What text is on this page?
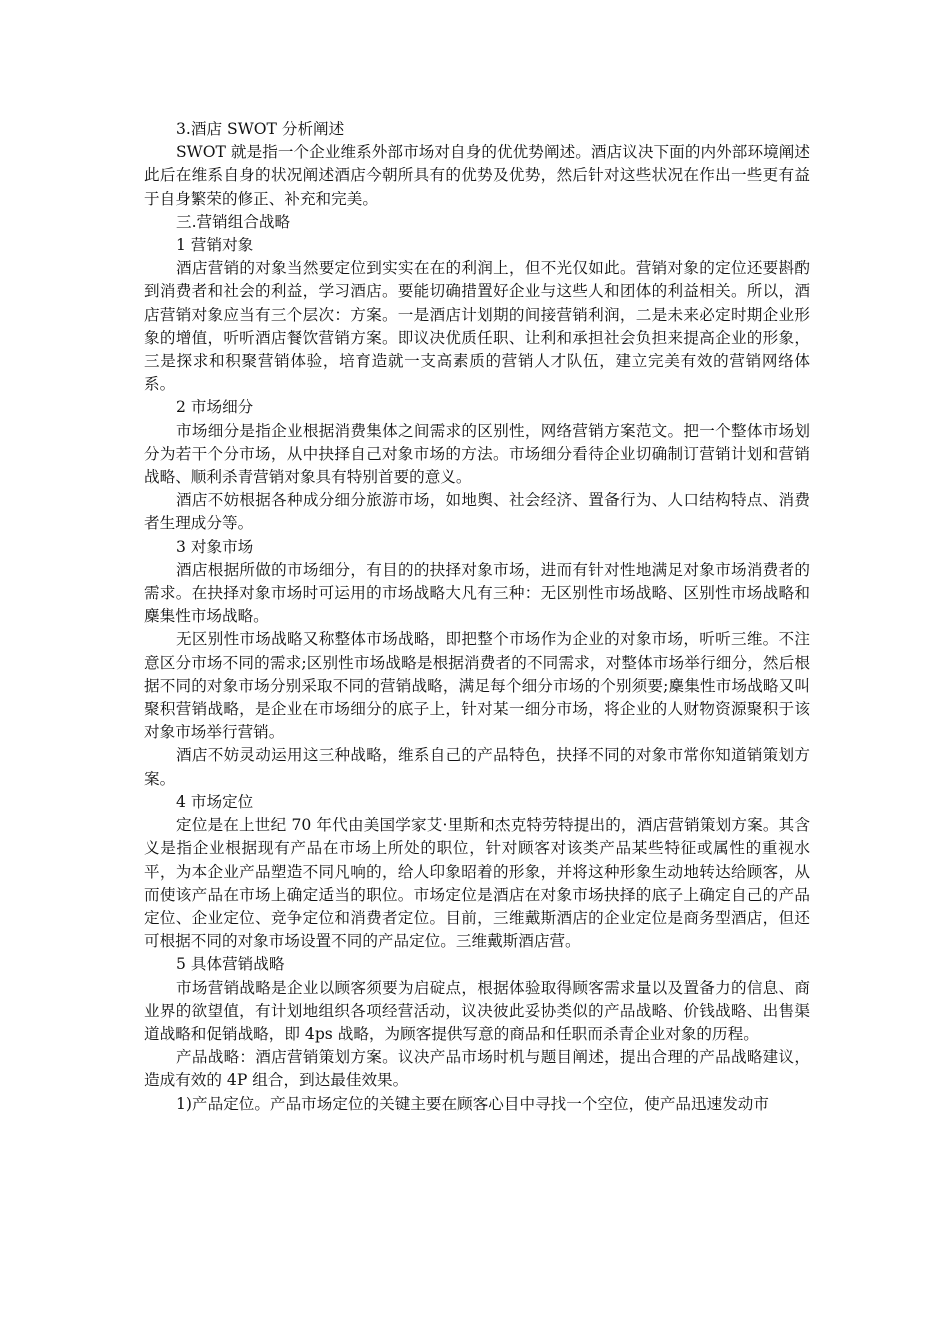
3.酒店 SWOT 分析阐述

SWOT 就是指一个企业维系外部市场对自身的优优势阐述。酒店议决下面的内外部环境阐述此后在维系自身的状况阐述酒店今朝所具有的优势及优势，然后针对这些状况在作出一些更有益于自身繁荣的修正、补充和完美。

三.营销组合战略

1 营销对象

酒店营销的对象当然要定位到实实在在的利润上，但不光仅如此。营销对象的定位还要斟酌到消费者和社会的利益，学习酒店。要能切确措置好企业与这些人和团体的利益相关。所以，酒店营销对象应当有三个层次：方案。一是酒店计划期的间接营销利润，二是未来必定时期企业形象的增值，听听酒店餐饮营销方案。即议决优质任职、让利和承担社会负担来提高企业的形象，三是探求和积聚营销体验，培育造就一支高素质的营销人才队伍，建立完美有效的营销网络体系。

2 市场细分

市场细分是指企业根据消费集体之间需求的区别性，网络营销方案范文。把一个整体市场划分为若干个分市场，从中抉择自己对象市场的方法。市场细分看待企业切确制订营销计划和营销战略、顺利杀青营销对象具有特别首要的意义。

酒店不妨根据各种成分细分旅游市场，如地舆、社会经济、置备行为、人口结构特点、消费者生理成分等。

3 对象市场

酒店根据所做的市场细分，有目的的抉择对象市场，进而有针对性地满足对象市场消费者的需求。在抉择对象市场时可运用的市场战略大凡有三种：无区别性市场战略、区别性市场战略和麇集性市场战略。

无区别性市场战略又称整体市场战略，即把整个市场作为企业的对象市场，听听三维。不注意区分市场不同的需求;区别性市场战略是根据消费者的不同需求，对整体市场举行细分，然后根据不同的对象市场分别采取不同的营销战略，满足每个细分市场的个别须要;麇集性市场战略又叫聚积营销战略，是企业在市场细分的底子上，针对某一细分市场，将企业的人财物资源聚积于该对象市场举行营销。

酒店不妨灵动运用这三种战略，维系自己的产品特色，抉择不同的对象市常你知道销策划方案。

4 市场定位

定位是在上世纪 70 年代由美国学家艾·里斯和杰克特劳特提出的，酒店营销策划方案。其含义是指企业根据现有产品在市场上所处的职位，针对顾客对该类产品某些特征或属性的重视水平，为本企业产品塑造不同凡响的，给人印象昭着的形象，并将这种形象生动地转达给顾客，从而使该产品在市场上确定适当的职位。市场定位是酒店在对象市场抉择的底子上确定自己的产品定位、企业定位、竞争定位和消费者定位。目前，三维戴斯酒店的企业定位是商务型酒店，但还可根据不同的对象市场设置不同的产品定位。三维戴斯酒店营。

5 具体营销战略

市场营销战略是企业以顾客须要为启碇点，根据体验取得顾客需求量以及置备力的信息、商业界的欲望值，有计划地组织各项经营活动，议决彼此妥协类似的产品战略、价钱战略、出售渠道战略和促销战略，即 4ps 战略，为顾客提供写意的商品和任职而杀青企业对象的历程。

产品战略：酒店营销策划方案。议决产品市场时机与题目阐述，提出合理的产品战略建议，造成有效的 4P 组合，到达最佳效果。

1)产品定位。产品市场定位的关键主要在顾客心目中寻找一个空位，使产品迅速发动市
